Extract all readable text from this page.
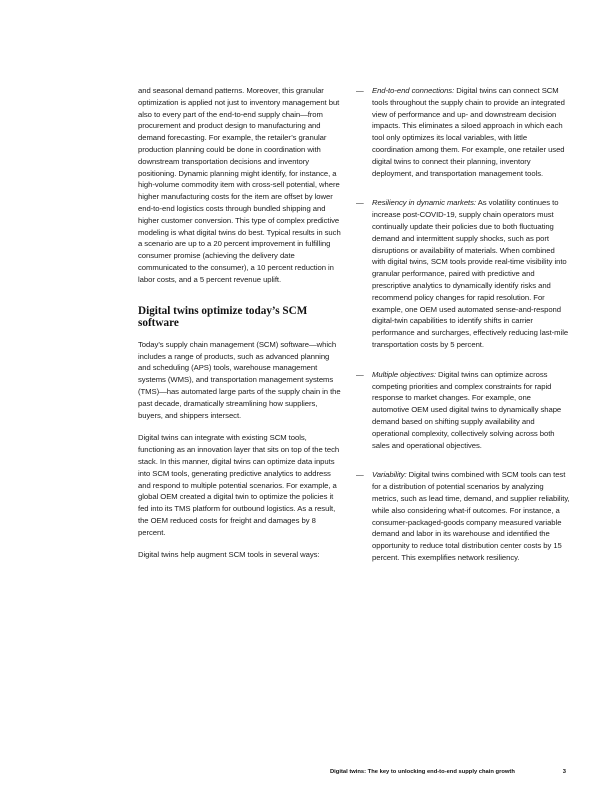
and seasonal demand patterns. Moreover, this granular optimization is applied not just to inventory management but also to every part of the end-to-end supply chain—from procurement and product design to manufacturing and demand forecasting. For example, the retailer’s granular production planning could be done in coordination with downstream transportation decisions and inventory positioning. Dynamic planning might identify, for instance, a high-volume commodity item with cross-sell potential, where higher manufacturing costs for the item are offset by lower end-to-end logistics costs through bundled shipping and higher customer conversion. This type of complex predictive modeling is what digital twins do best. Typical results in such a scenario are up to a 20 percent improvement in fulfilling consumer promise (achieving the delivery date communicated to the consumer), a 10 percent reduction in labor costs, and a 5 percent revenue uplift.

Digital twins optimize today’s SCM software

Today’s supply chain management (SCM) software—which includes a range of products, such as advanced planning and scheduling (APS) tools, warehouse management systems (WMS), and transportation management systems (TMS)—has automated large parts of the supply chain in the past decade, dramatically streamlining how suppliers, buyers, and shippers intersect.

Digital twins can integrate with existing SCM tools, functioning as an innovation layer that sits on top of the tech stack. In this manner, digital twins can optimize data inputs into SCM tools, generating predictive analytics to address and respond to multiple potential scenarios. For example, a global OEM created a digital twin to optimize the policies it fed into its TMS platform for outbound logistics. As a result, the OEM reduced costs for freight and damages by 8 percent.

Digital twins help augment SCM tools in several ways:

—	End-to-end connections: Digital twins can connect SCM tools throughout the supply chain to provide an integrated view of performance and up- and downstream decision impacts. This eliminates a siloed approach in which each tool only optimizes its local variables, with little coordination among them. For example, one retailer used digital twins to connect their planning, inventory deployment, and transportation management tools.
—	Resiliency in dynamic markets: As volatility continues to increase post-COVID-19, supply chain operators must continually update their policies due to both fluctuating demand and intermittent supply shocks, such as port disruptions or availability of materials. When combined with digital twins, SCM tools provide real-time visibility into granular performance, paired with predictive and prescriptive analytics to dynamically identify risks and recommend policy changes for rapid resolution. For example, one OEM used automated sense-and-respond digital-twin capabilities to identify shifts in carrier performance and surcharges, effectively reducing last-mile transportation costs by 5 percent.
—	Multiple objectives: Digital twins can optimize across competing priorities and complex constraints for rapid response to market changes. For example, one automotive OEM used digital twins to dynamically shape demand based on shifting supply availability and operational complexity, collectively solving across both sales and operational objectives.
—	Variability: Digital twins combined with SCM tools can test for a distribution of potential scenarios by analyzing metrics, such as lead time, demand, and supplier reliability, while also considering what-if outcomes. For instance, a consumer-packaged-goods company measured variable demand and labor in its warehouse and identified the opportunity to reduce total distribution center costs by 15 percent. This exemplifies network resiliency.
Digital twins: The key to unlocking end-to-end supply chain growth	3
